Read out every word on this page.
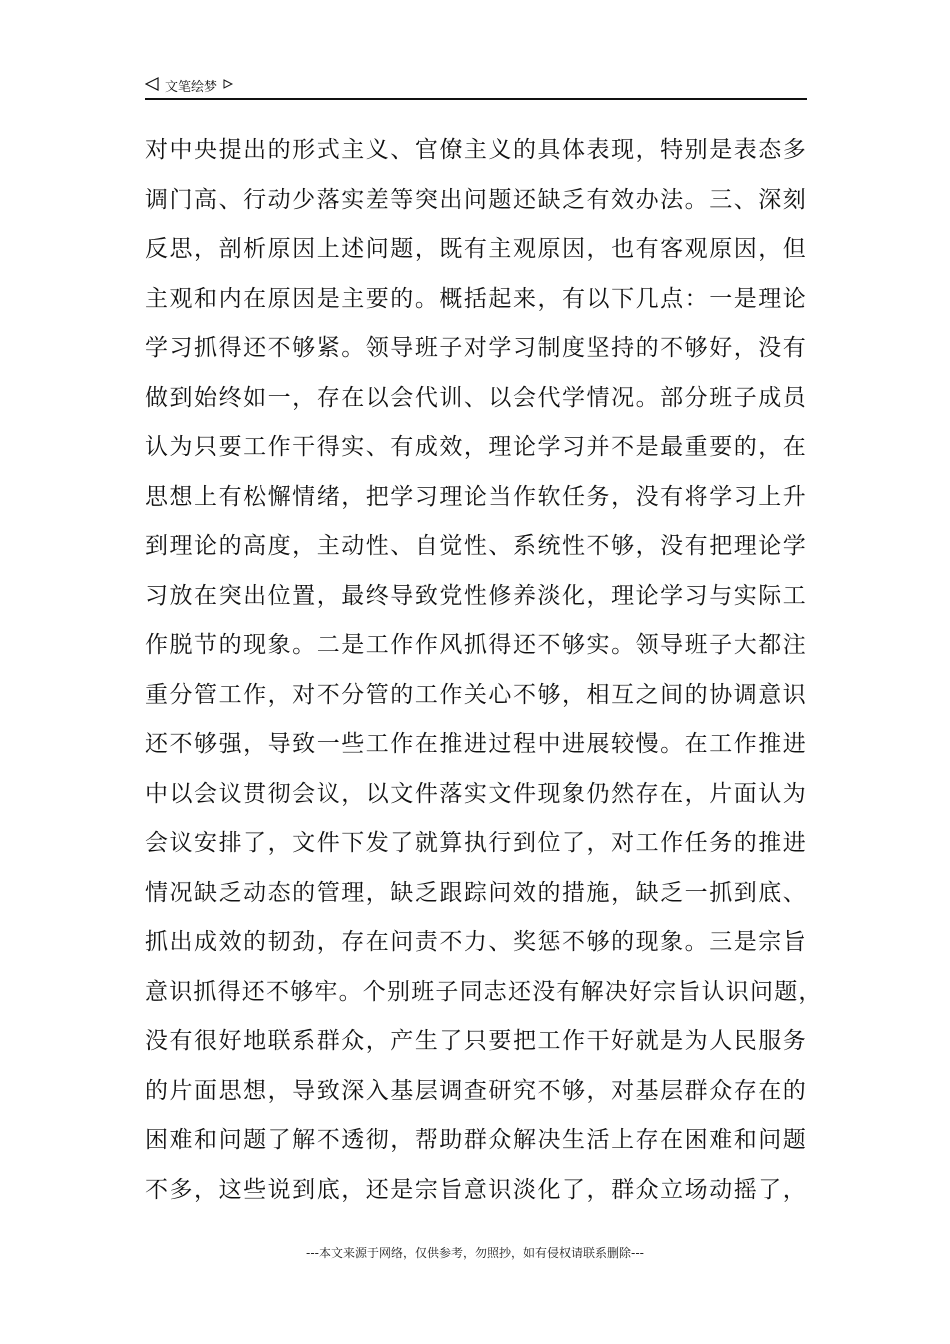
文笔绘梦
对中央提出的形式主义、官僚主义的具体表现，特别是表态多
调门高、行动少落实差等突出问题还缺乏有效办法。三、深刻
反思，剖析原因上述问题，既有主观原因，也有客观原因，但
主观和内在原因是主要的。概括起来，有以下几点：一是理论
学习抓得还不够紧。领导班子对学习制度坚持的不够好，没有
做到始终如一，存在以会代训、以会代学情况。部分班子成员
认为只要工作干得实、有成效，理论学习并不是最重要的，在
思想上有松懈情绪，把学习理论当作软任务，没有将学习上升
到理论的高度，主动性、自觉性、系统性不够，没有把理论学
习放在突出位置，最终导致党性修养淡化，理论学习与实际工
作脱节的现象。二是工作作风抓得还不够实。领导班子大都注
重分管工作，对不分管的工作关心不够，相互之间的协调意识
还不够强，导致一些工作在推进过程中进展较慢。在工作推进
中以会议贯彻会议，以文件落实文件现象仍然存在，片面认为
会议安排了，文件下发了就算执行到位了，对工作任务的推进
情况缺乏动态的管理，缺乏跟踪问效的措施，缺乏一抓到底、
抓出成效的韧劲，存在问责不力、奖惩不够的现象。三是宗旨
意识抓得还不够牢。个别班子同志还没有解决好宗旨认识问题，
没有很好地联系群众，产生了只要把工作干好就是为人民服务
的片面思想，导致深入基层调查研究不够，对基层群众存在的
困难和问题了解不透彻，帮助群众解决生活上存在困难和问题
不多，这些说到底，还是宗旨意识淡化了，群众立场动摇了，
---本文来源于网络，仅供参考，勿照抄，如有侵权请联系删除---
